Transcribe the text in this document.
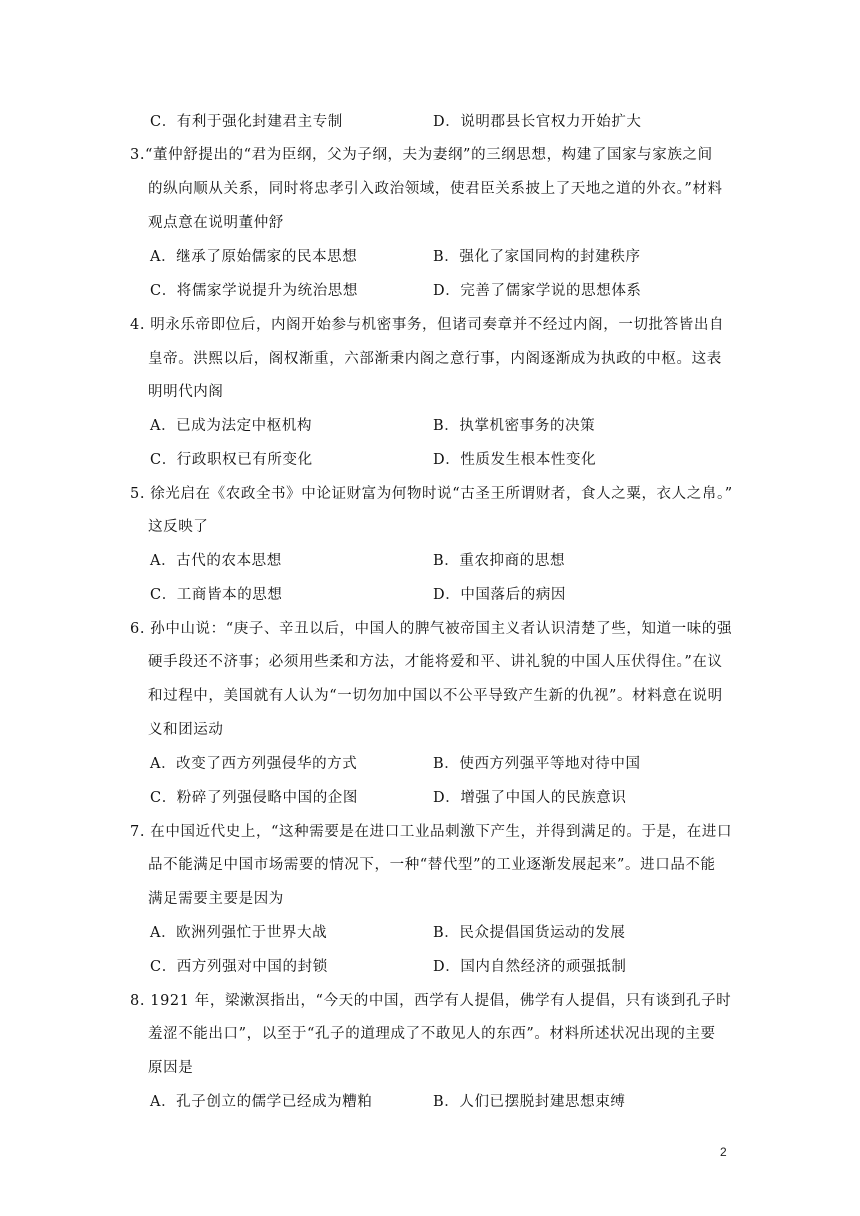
C．有利于强化封建君主专制	D．说明郡县长官权力开始扩大
3.“董仲舒提出的“君为臣纲，父为子纲，夫为妻纲”的三纲思想，构建了国家与家族之间
的纵向顺从关系，同时将忠孝引入政治领域，使君臣关系披上了天地之道的外衣。”材料
观点意在说明董仲舒
A．继承了原始儒家的民本思想	B．强化了家国同构的封建秩序
C．将儒家学说提升为统治思想	D．完善了儒家学说的思想体系
4. 明永乐帝即位后，内阁开始参与机密事务，但诸司奏章并不经过内阁，一切批答皆出自
皇帝。洪熙以后，阁权渐重，六部渐秉内阁之意行事，内阁逐渐成为执政的中枢。这表
明明代内阁
A．已成为法定中枢机构	B．执掌机密事务的决策
C．行政职权已有所变化	D．性质发生根本性变化
5. 徐光启在《农政全书》中论证财富为何物时说“古圣王所谓财者，食人之粟，衣人之帛。”
这反映了
A．古代的农本思想	B．重农抑商的思想
C．工商皆本的思想	D．中国落后的病因
6. 孙中山说：“庚子、辛丑以后，中国人的脾气被帝国主义者认识清楚了些，知道一味的强
硬手段还不济事；必须用些柔和方法，才能将爱和平、讲礼貌的中国人压伏得住。”在议
和过程中，美国就有人认为“一切勿加中国以不公平导致产生新的仇视”。材料意在说明
义和团运动
A．改变了西方列强侵华的方式	B．使西方列强平等地对待中国
C．粉碎了列强侵略中国的企图	D．增强了中国人的民族意识
7. 在中国近代史上，“这种需要是在进口工业品刺激下产生，并得到满足的。于是，在进口
品不能满足中国市场需要的情况下，一种“替代型”的工业逐渐发展起来”。进口品不能
满足需要主要是因为
A．欧洲列强忙于世界大战	B．民众提倡国货运动的发展
C．西方列强对中国的封锁	D．国内自然经济的顽强抵制
8. 1921 年，梁漱溟指出，“今天的中国，西学有人提倡，佛学有人提倡，只有谈到孔子时
羞涩不能出口”，以至于“孔子的道理成了不敢见人的东西”。材料所述状况出现的主要
原因是
A．孔子创立的儒学已经成为糟粕	B．人们已摆脱封建思想束缚
2
